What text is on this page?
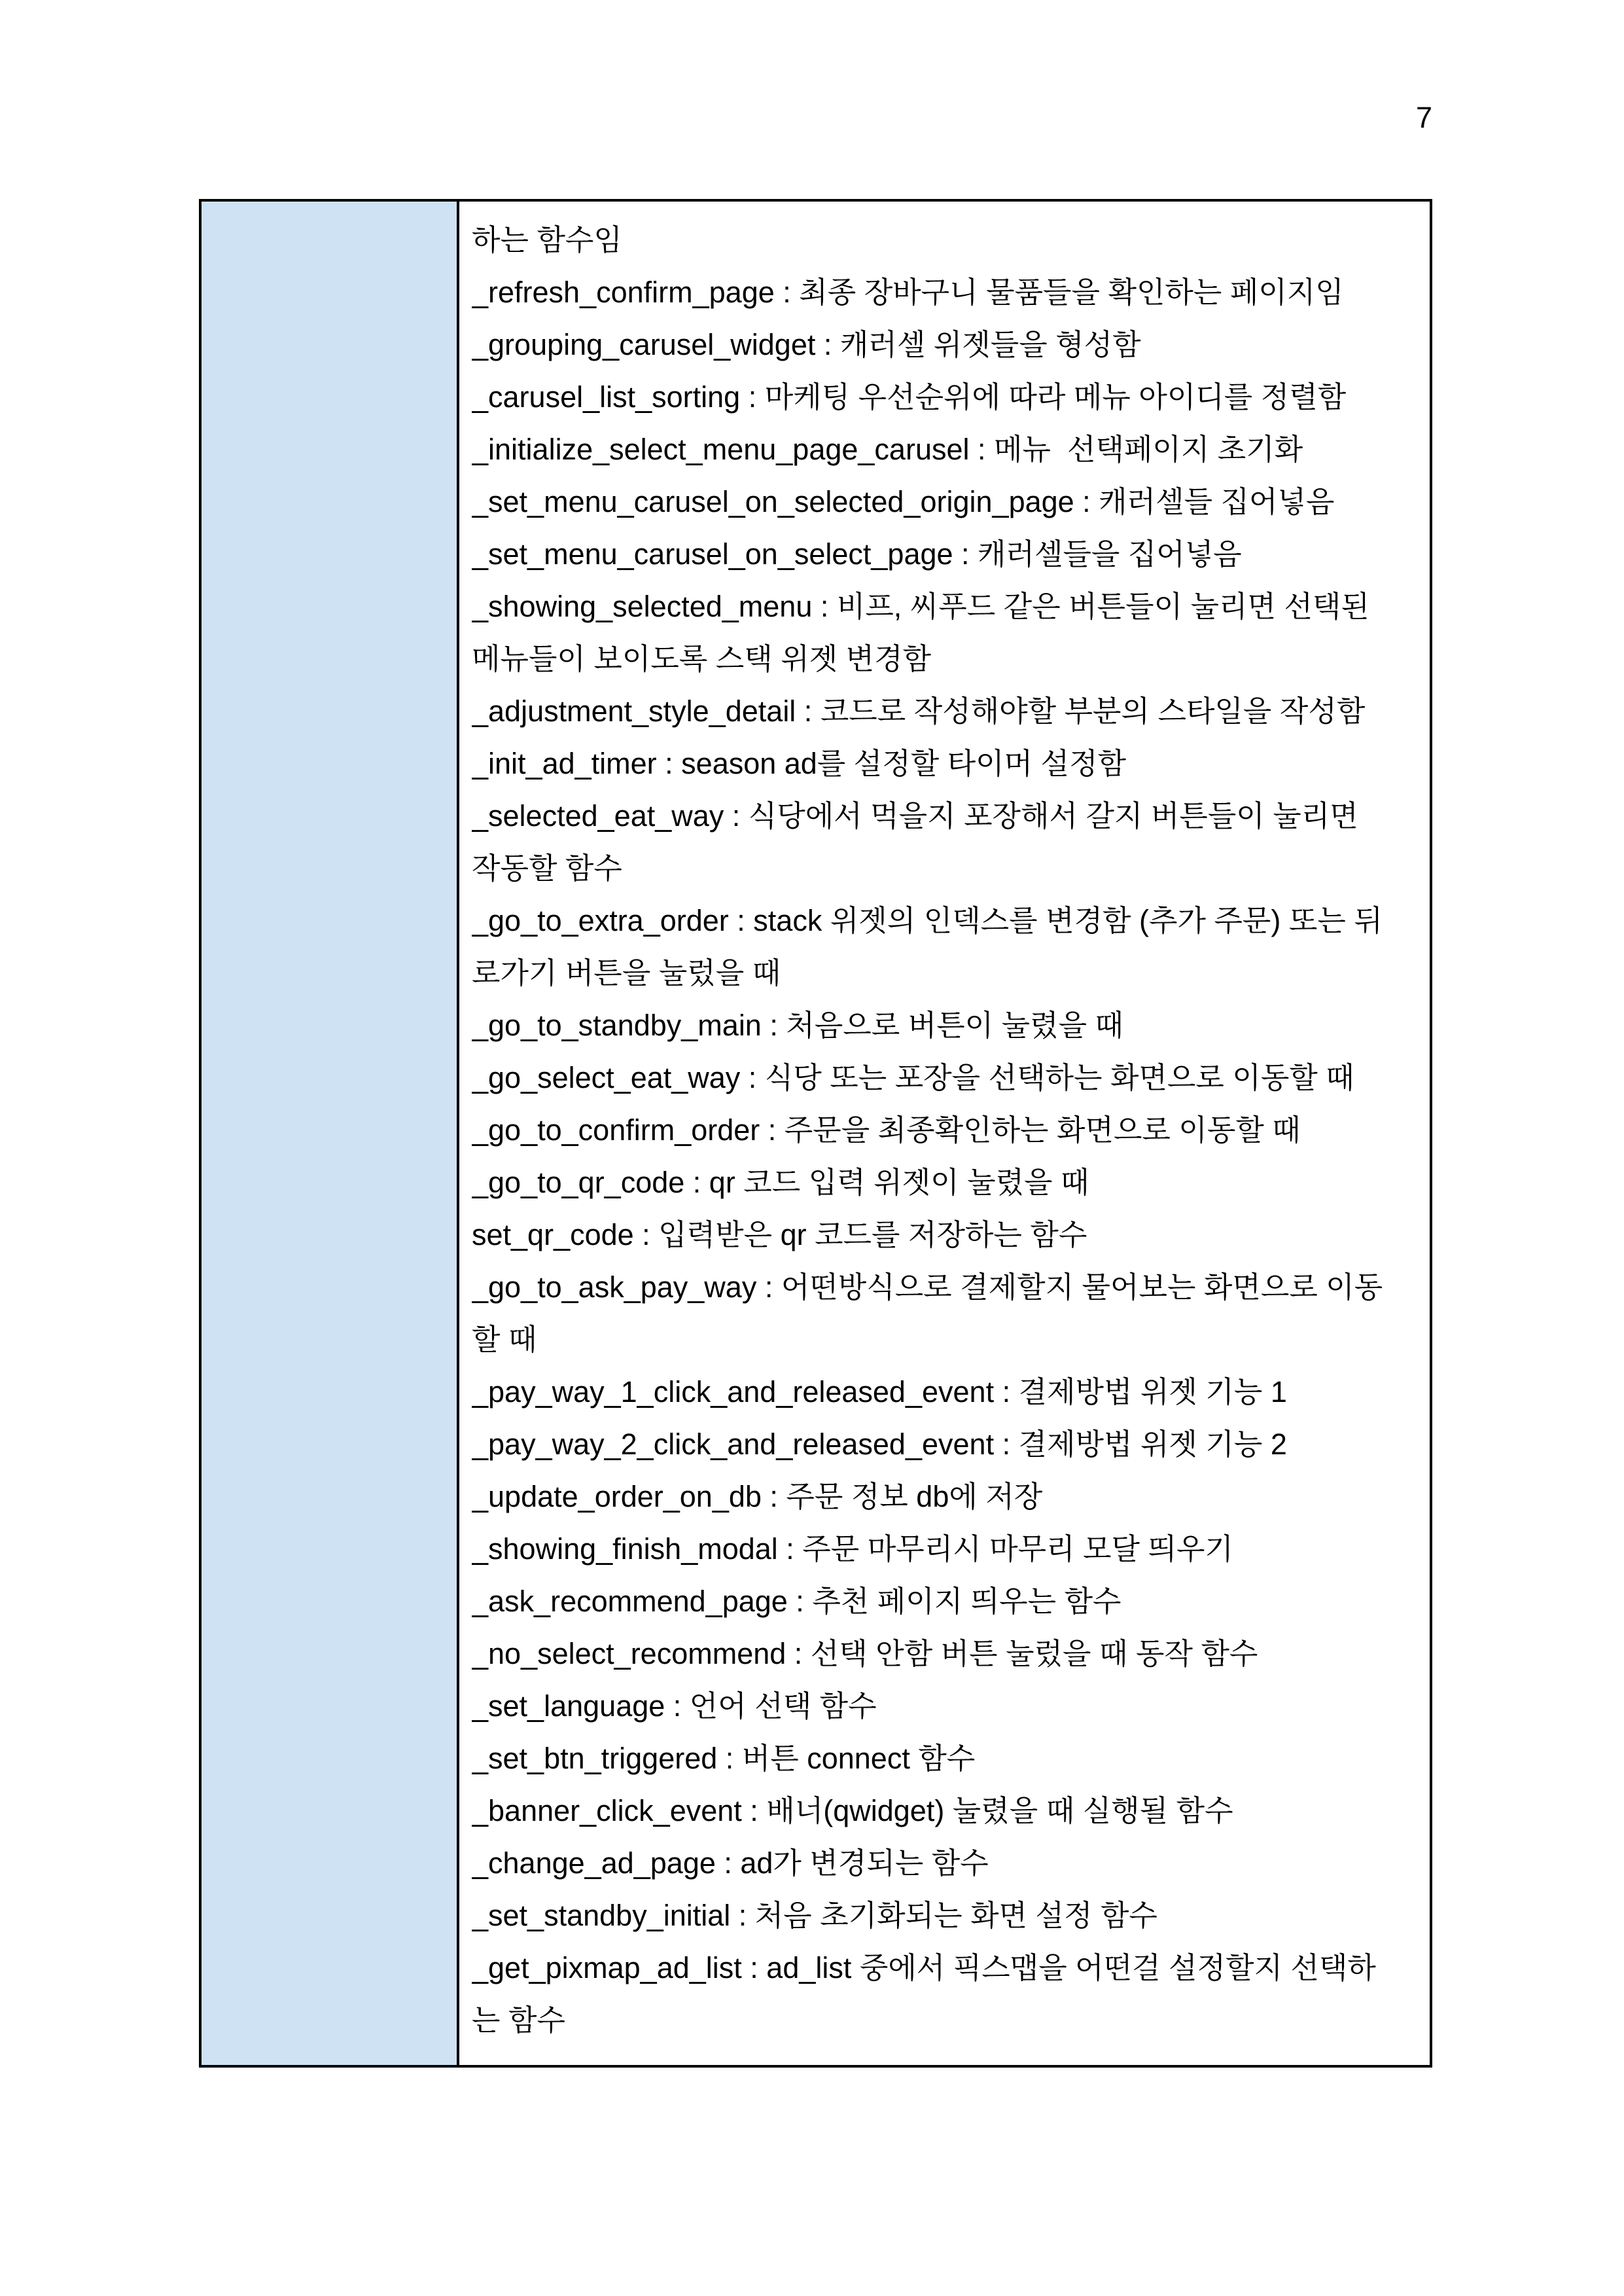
7
하는 함수임
_refresh_confirm_page : 최종 장바구니 물품들을 확인하는 페이지임
_grouping_carusel_widget : 캐러셀 위젯들을 형성함
_carusel_list_sorting : 마케팅 우선순위에 따라 메뉴 아이디를 정렬함
_initialize_select_menu_page_carusel : 메뉴  선택페이지 초기화
_set_menu_carusel_on_selected_origin_page : 캐러셀들 집어넣음
_set_menu_carusel_on_select_page : 캐러셀들을 집어넣음
_showing_selected_menu : 비프, 씨푸드 같은 버튼들이 눌리면 선택된
메뉴들이 보이도록 스택 위젯 변경함
_adjustment_style_detail : 코드로 작성해야할 부분의 스타일을 작성함
_init_ad_timer : season ad를 설정할 타이머 설정함
_selected_eat_way : 식당에서 먹을지 포장해서 갈지 버튼들이 눌리면
작동할 함수
_go_to_extra_order : stack 위젯의 인덱스를 변경함 (추가 주문) 또는 뒤
로가기 버튼을 눌렀을 때
_go_to_standby_main : 처음으로 버튼이 눌렸을 때
_go_select_eat_way : 식당 또는 포장을 선택하는 화면으로 이동할 때
_go_to_confirm_order : 주문을 최종확인하는 화면으로 이동할 때
_go_to_qr_code : qr 코드 입력 위젯이 눌렸을 때
set_qr_code : 입력받은 qr 코드를 저장하는 함수
_go_to_ask_pay_way : 어떤방식으로 결제할지 물어보는 화면으로 이동
할 때
_pay_way_1_click_and_released_event : 결제방법 위젯 기능 1
_pay_way_2_click_and_released_event : 결제방법 위젯 기능 2
_update_order_on_db : 주문 정보 db에 저장
_showing_finish_modal : 주문 마무리시 마무리 모달 띄우기
_ask_recommend_page : 추천 페이지 띄우는 함수
_no_select_recommend : 선택 안함 버튼 눌렀을 때 동작 함수
_set_language : 언어 선택 함수
_set_btn_triggered : 버튼 connect 함수
_banner_click_event : 배너(qwidget) 눌렸을 때 실행될 함수
_change_ad_page : ad가 변경되는 함수
_set_standby_initial : 처음 초기화되는 화면 설정 함수
_get_pixmap_ad_list : ad_list 중에서 픽스맵을 어떤걸 설정할지 선택하
는 함수
